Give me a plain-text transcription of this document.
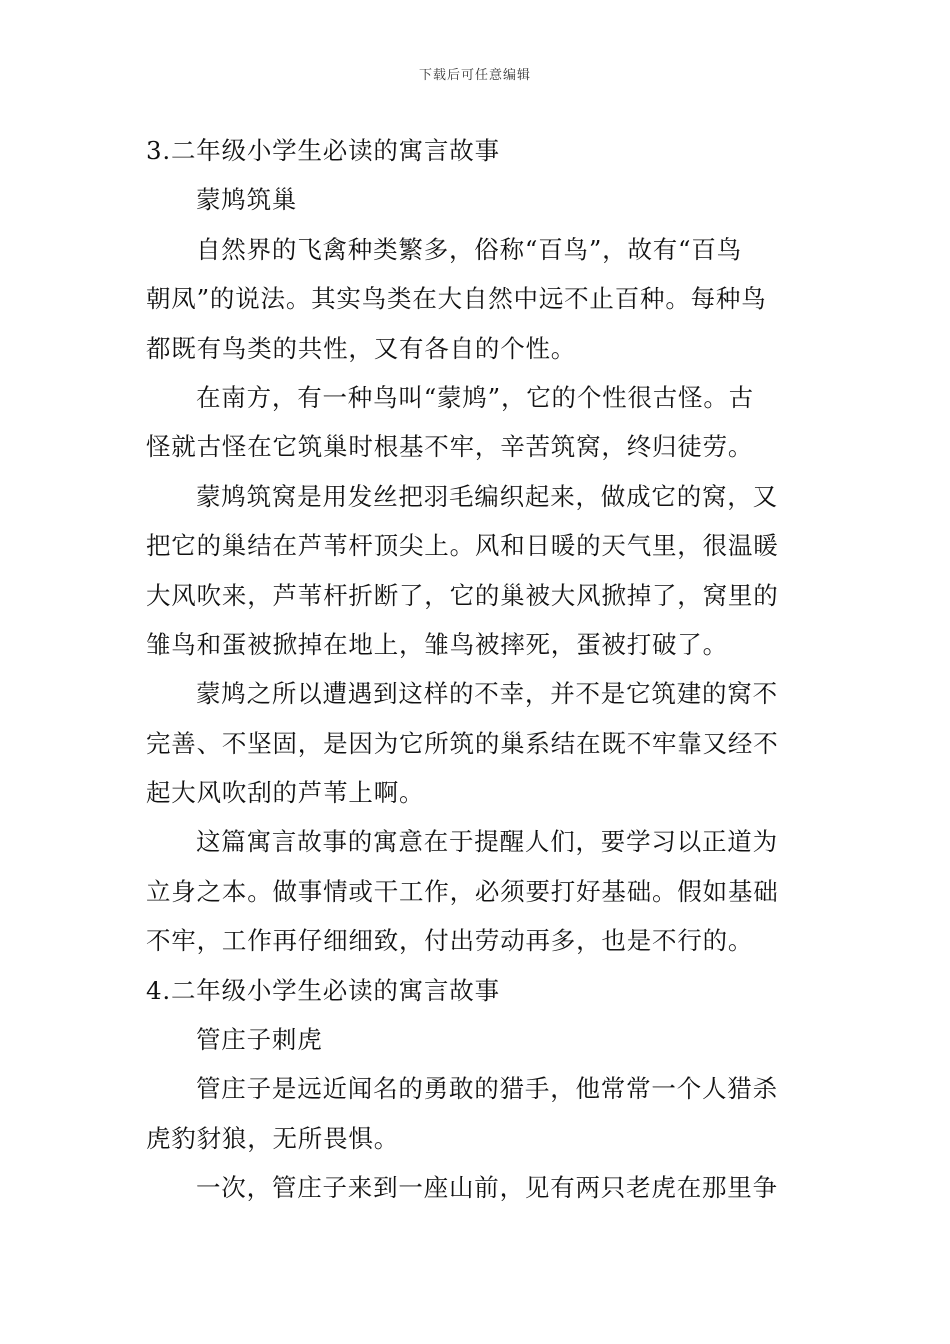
下载后可任意编辑
3.二年级小学生必读的寓言故事
蒙鸠筑巢
自然界的飞禽种类繁多，俗称“百鸟”，故有“百鸟
朝凤”的说法。其实鸟类在大自然中远不止百种。每种鸟
都既有鸟类的共性，又有各自的个性。
在南方，有一种鸟叫“蒙鸠”，它的个性很古怪。古
怪就古怪在它筑巢时根基不牢，辛苦筑窝，终归徒劳。
蒙鸠筑窝是用发丝把羽毛编织起来，做成它的窝，又
把它的巢结在芦苇杆顶尖上。风和日暖的天气里，很温暖
大风吹来，芦苇杆折断了，它的巢被大风掀掉了，窝里的
雏鸟和蛋被掀掉在地上，雏鸟被摔死，蛋被打破了。
蒙鸠之所以遭遇到这样的不幸，并不是它筑建的窝不
完善、不坚固，是因为它所筑的巢系结在既不牢靠又经不
起大风吹刮的芦苇上啊。
这篇寓言故事的寓意在于提醒人们，要学习以正道为
立身之本。做事情或干工作，必须要打好基础。假如基础
不牢，工作再仔细细致，付出劳动再多，也是不行的。
4.二年级小学生必读的寓言故事
管庄子刺虎
管庄子是远近闻名的勇敢的猎手，他常常一个人猎杀
虎豹豺狼，无所畏惧。
一次，管庄子来到一座山前，见有两只老虎在那里争
